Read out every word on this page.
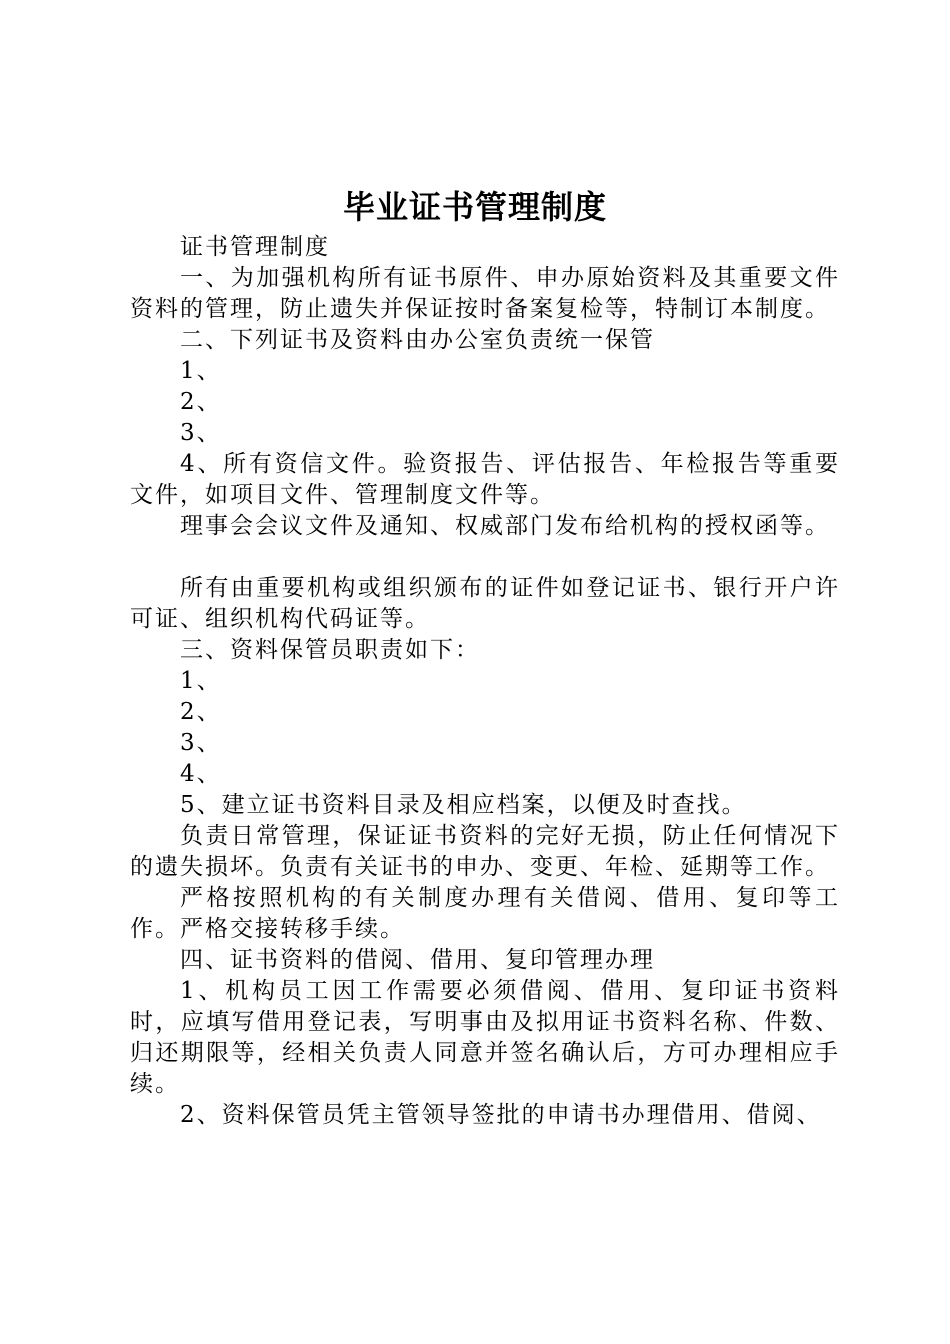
毕业证书管理制度

证书管理制度

一、为加强机构所有证书原件、申办原始资料及其重要文件资料的管理，防止遗失并保证按时备案复检等，特制订本制度。

二、下列证书及资料由办公室负责统一保管

1、

2、

3、

4、所有资信文件。验资报告、评估报告、年检报告等重要文件，如项目文件、管理制度文件等。

理事会会议文件及通知、权威部门发布给机构的授权函等。

所有由重要机构或组织颁布的证件如登记证书、银行开户许可证、组织机构代码证等。

三、资料保管员职责如下：

1、

2、

3、

4、

5、建立证书资料目录及相应档案，以便及时查找。

负责日常管理，保证证书资料的完好无损，防止任何情况下的遗失损坏。负责有关证书的申办、变更、年检、延期等工作。

严格按照机构的有关制度办理有关借阅、借用、复印等工作。严格交接转移手续。

四、证书资料的借阅、借用、复印管理办理

1、机构员工因工作需要必须借阅、借用、复印证书资料时，应填写借用登记表，写明事由及拟用证书资料名称、件数、归还期限等，经相关负责人同意并签名确认后，方可办理相应手续。

2、资料保管员凭主管领导签批的申请书办理借用、借阅、
